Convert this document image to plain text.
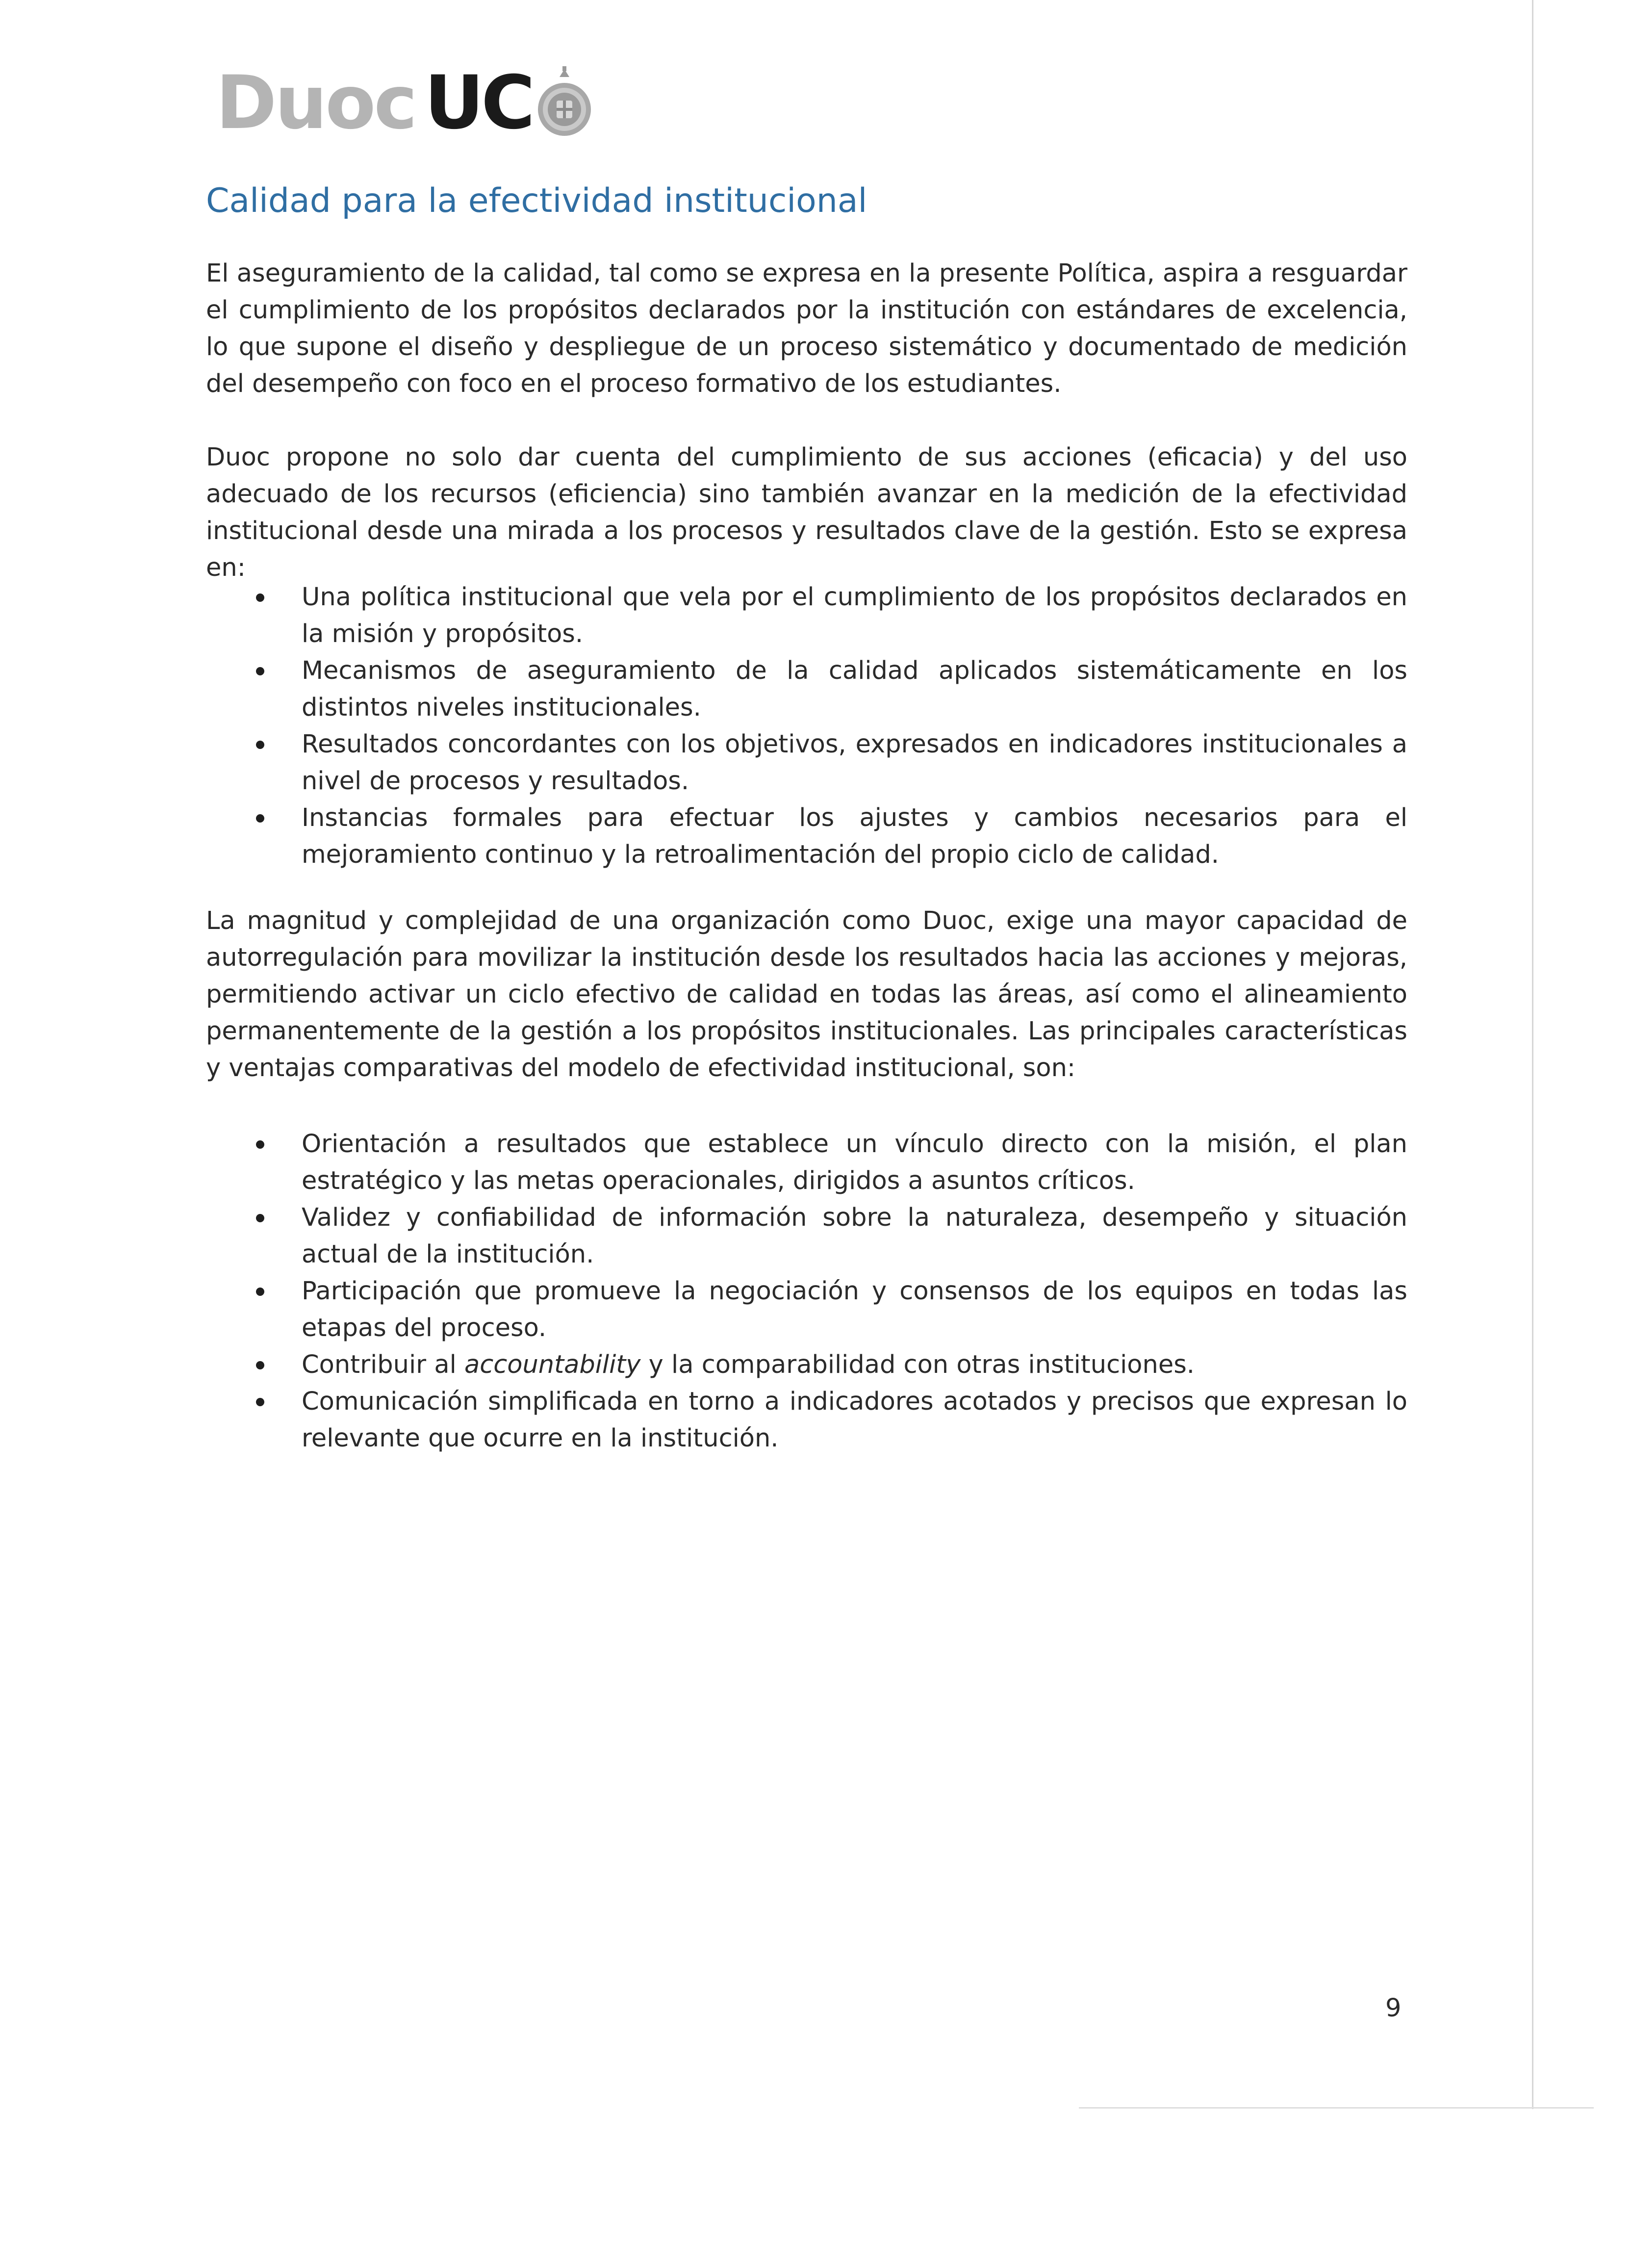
Duoc UC
Calidad para la efectividad institucional

El aseguramiento de la calidad, tal como se expresa en la presente Política, aspira a resguardar el cumplimiento de los propósitos declarados por la institución con estándares de excelencia, lo que supone el diseño y despliegue de un proceso sistemático y documentado de medición del desempeño con foco en el proceso formativo de los estudiantes.

Duoc propone no solo dar cuenta del cumplimiento de sus acciones (eficacia) y del uso adecuado de los recursos (eficiencia) sino también avanzar en la medición de la efectividad institucional desde una mirada a los procesos y resultados clave de la gestión. Esto se expresa en:

Una política institucional que vela por el cumplimiento de los propósitos declarados en la misión y propósitos.
Mecanismos de aseguramiento de la calidad aplicados sistemáticamente en los distintos niveles institucionales.
Resultados concordantes con los objetivos, expresados en indicadores institucionales a nivel de procesos y resultados.
Instancias formales para efectuar los ajustes y cambios necesarios para el mejoramiento continuo y la retroalimentación del propio ciclo de calidad.

La magnitud y complejidad de una organización como Duoc, exige una mayor capacidad de autorregulación para movilizar la institución desde los resultados hacia las acciones y mejoras, permitiendo activar un ciclo efectivo de calidad en todas las áreas, así como el alineamiento permanentemente de la gestión a los propósitos institucionales. Las principales características y ventajas comparativas del modelo de efectividad institucional, son:

Orientación a resultados que establece un vínculo directo con la misión, el plan estratégico y las metas operacionales, dirigidos a asuntos críticos.
Validez y confiabilidad de información sobre la naturaleza, desempeño y situación actual de la institución.
Participación que promueve la negociación y consensos de los equipos en todas las etapas del proceso.
Contribuir al accountability y la comparabilidad con otras instituciones.
Comunicación simplificada en torno a indicadores acotados y precisos que expresan lo relevante que ocurre en la institución.
9
